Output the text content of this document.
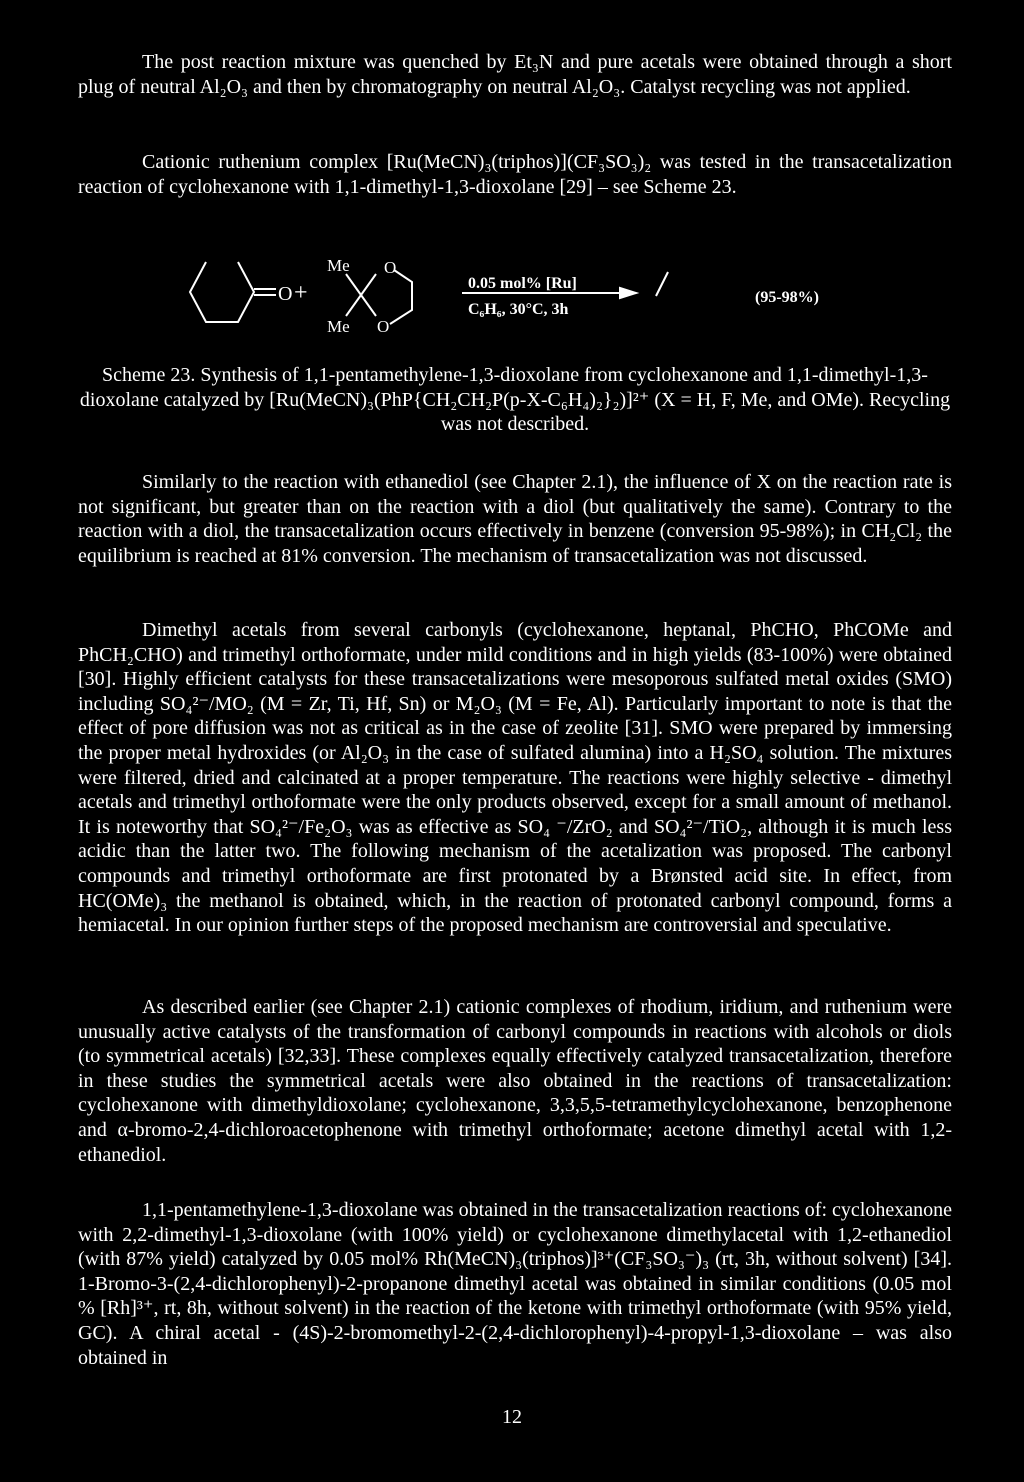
The post reaction mixture was quenched by Et₃N and pure acetals were obtained through a short plug of neutral Al₂O₃ and then by chromatography on neutral Al₂O₃. Catalyst recycling was not applied.

Cationic ruthenium complex [Ru(MeCN)₃(triphos)](CF₃SO₃)₂ was tested in the transacetalization reaction of cyclohexanone with 1,1-dimethyl-1,3-dioxolane [29] – see Scheme 23.

O +
Me
Me
O
O
0.05 mol% [Ru]
C₆H₆, 30°C, 3h
(95-98%)

Scheme 23. Synthesis of 1,1-pentamethylene-1,3-dioxolane from cyclohexanone and 1,1-dimethyl-1,3-dioxolane catalyzed by [Ru(MeCN)₃(PhP{CH₂CH₂P(p-X-C₆H₄)₂}₂)]²⁺ (X = H, F, Me, and OMe). Recycling was not described.

Similarly to the reaction with ethanediol (see Chapter 2.1), the influence of X on the reaction rate is not significant, but greater than on the reaction with a diol (but qualitatively the same). Contrary to the reaction with a diol, the transacetalization occurs effectively in benzene (conversion 95-98%); in CH₂Cl₂ the equilibrium is reached at 81% conversion. The mechanism of transacetalization was not discussed.

Dimethyl acetals from several carbonyls (cyclohexanone, heptanal, PhCHO, PhCOMe and PhCH₂CHO) and trimethyl orthoformate, under mild conditions and in high yields (83-100%) were obtained [30]. Highly efficient catalysts for these transacetalizations were mesoporous sulfated metal oxides (SMO) including SO₄²⁻/MO₂ (M = Zr, Ti, Hf, Sn) or M₂O₃ (M = Fe, Al). Particularly important to note is that the effect of pore diffusion was not as critical as in the case of zeolite [31]. SMO were prepared by immersing the proper metal hydroxides (or Al₂O₃ in the case of sulfated alumina) into a H₂SO₄ solution. The mixtures were filtered, dried and calcinated at a proper temperature. The reactions were highly selective - dimethyl acetals and trimethyl orthoformate were the only products observed, except for a small amount of methanol. It is noteworthy that SO₄²⁻/Fe₂O₃ was as effective as SO₄ ⁻/ZrO₂ and SO₄²⁻/TiO₂, although it is much less acidic than the latter two. The following mechanism of the acetalization was proposed. The carbonyl compounds and trimethyl orthoformate are first protonated by a Brønsted acid site. In effect, from HC(OMe)₃ the methanol is obtained, which, in the reaction of protonated carbonyl compound, forms a hemiacetal. In our opinion further steps of the proposed mechanism are controversial and speculative.

As described earlier (see Chapter 2.1) cationic complexes of rhodium, iridium, and ruthenium were unusually active catalysts of the transformation of carbonyl compounds in reactions with alcohols or diols (to symmetrical acetals) [32,33]. These complexes equally effectively catalyzed transacetalization, therefore in these studies the symmetrical acetals were also obtained in the reactions of transacetalization: cyclohexanone with dimethyldioxolane; cyclohexanone, 3,3,5,5-tetramethylcyclohexanone, benzophenone and α-bromo-2,4-dichloroacetophenone with trimethyl orthoformate; acetone dimethyl acetal with 1,2-ethanediol.

1,1-pentamethylene-1,3-dioxolane was obtained in the transacetalization reactions of: cyclohexanone with 2,2-dimethyl-1,3-dioxolane (with 100% yield) or cyclohexanone dimethylacetal with 1,2-ethanediol (with 87% yield) catalyzed by 0.05 mol% Rh(MeCN)₃(triphos)]³⁺(CF₃SO₃⁻)₃ (rt, 3h, without solvent) [34]. 1-Bromo-3-(2,4-dichlorophenyl)-2-propanone dimethyl acetal was obtained in similar conditions (0.05 mol % [Rh]³⁺, rt, 8h, without solvent) in the reaction of the ketone with trimethyl orthoformate (with 95% yield, GC). A chiral acetal - (4S)-2-bromomethyl-2-(2,4-dichlorophenyl)-4-propyl-1,3-dioxolane – was also obtained in

12
